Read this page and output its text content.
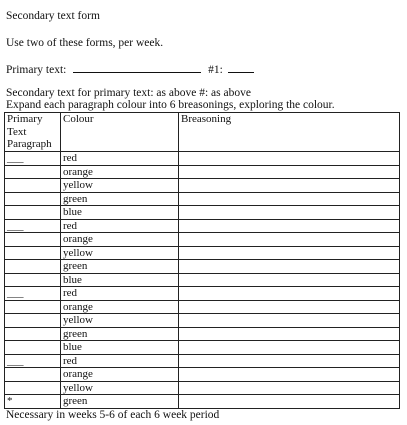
Secondary text form
Use two of these forms, per week.
Primary text:	#1:
Secondary text for primary text: as above #: as above
Expand each paragraph colour into 6 breasonings, exploring the colour.
Primary Text Paragraph	Colour	Breasoning
___	red	
	orange	
	yellow	
	green	
	blue	
___	red	
	orange	
	yellow	
	green	
	blue	
___	red	
	orange	
	yellow	
	green	
	blue	
___	red	
	orange	
	yellow	
*	green	
Necessary in weeks 5-6 of each 6 week period
